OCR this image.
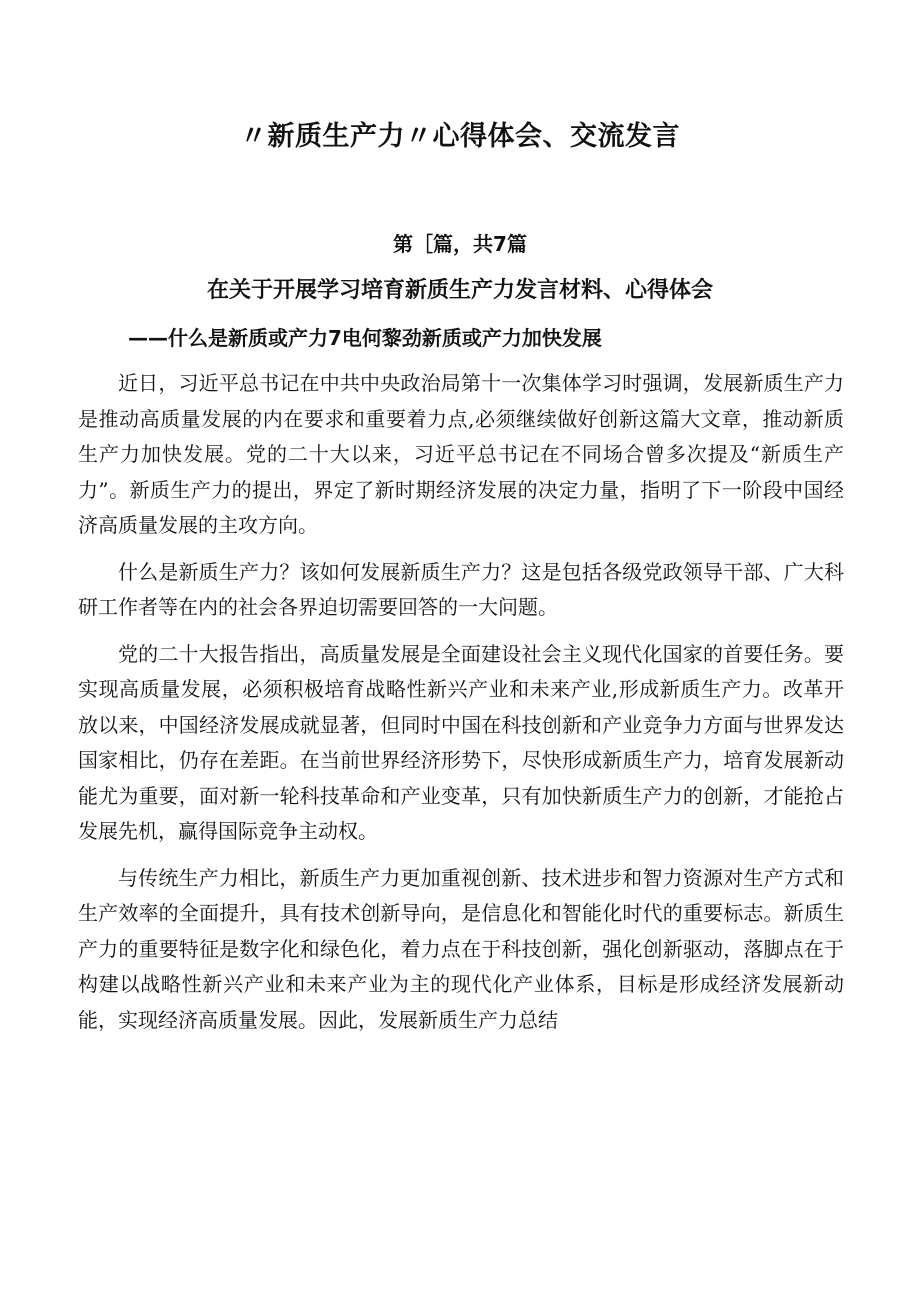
〃新质生产力〃心得体会、交流发言
第［篇，共7篇
在关于开展学习培育新质生产力发言材料、心得体会
——什么是新质或产力7电何黎劲新质或产力加快发展

近日，习近平总书记在中共中央政治局第十一次集体学习时强调，发展新质生产力是推动高质量发展的内在要求和重要着力点,必须继续做好创新这篇大文章，推动新质生产力加快发展。党的二十大以来，习近平总书记在不同场合曾多次提及“新质生产力”。新质生产力的提出，界定了新时期经济发展的决定力量，指明了下一阶段中国经济高质量发展的主攻方向。

什么是新质生产力？该如何发展新质生产力？这是包括各级党政领导干部、广大科研工作者等在内的社会各界迫切需要回答的一大问题。

党的二十大报告指出，高质量发展是全面建设社会主义现代化国家的首要任务。要实现高质量发展，必须积极培育战略性新兴产业和未来产业,形成新质生产力。改革开放以来，中国经济发展成就显著，但同时中国在科技创新和产业竞争力方面与世界发达国家相比，仍存在差距。在当前世界经济形势下，尽快形成新质生产力，培育发展新动能尤为重要，面对新一轮科技革命和产业变革，只有加快新质生产力的创新，才能抢占发展先机，赢得国际竞争主动权。

与传统生产力相比，新质生产力更加重视创新、技术进步和智力资源对生产方式和生产效率的全面提升，具有技术创新导向，是信息化和智能化时代的重要标志。新质生产力的重要特征是数字化和绿色化，着力点在于科技创新，强化创新驱动，落脚点在于构建以战略性新兴产业和未来产业为主的现代化产业体系，目标是形成经济发展新动能，实现经济高质量发展。因此，发展新质生产力总结
